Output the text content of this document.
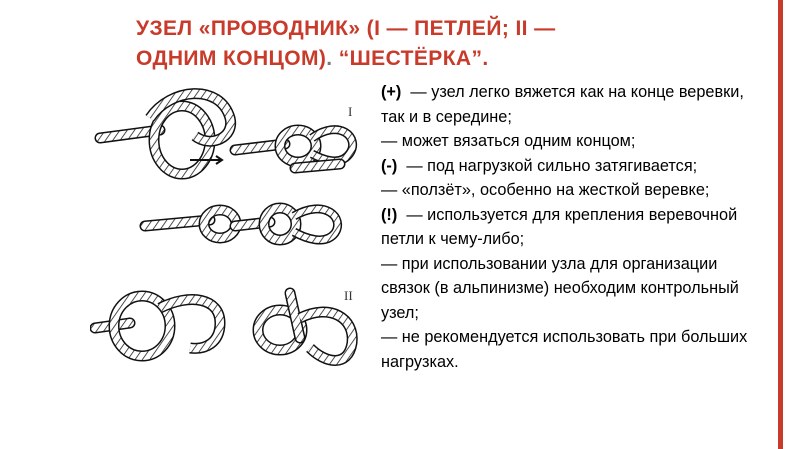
УЗЕЛ «ПРОВОДНИК» (I — ПЕТЛЕЙ; II —
ОДНИМ КОНЦОМ). “ШЕСТЁРКА”.
I
II

(+) — узел легко вяжется как на конце веревки, так и в середине;

— может вязаться одним концом;

(-) — под нагрузкой сильно затягивается;

— «ползёт», особенно на жесткой веревке;

(!) — используется для крепления веревочной петли к чему-либо;

— при использовании узла для организации связок (в альпинизме) необходим контрольный узел;

— не рекомендуется использовать при больших нагрузках.
